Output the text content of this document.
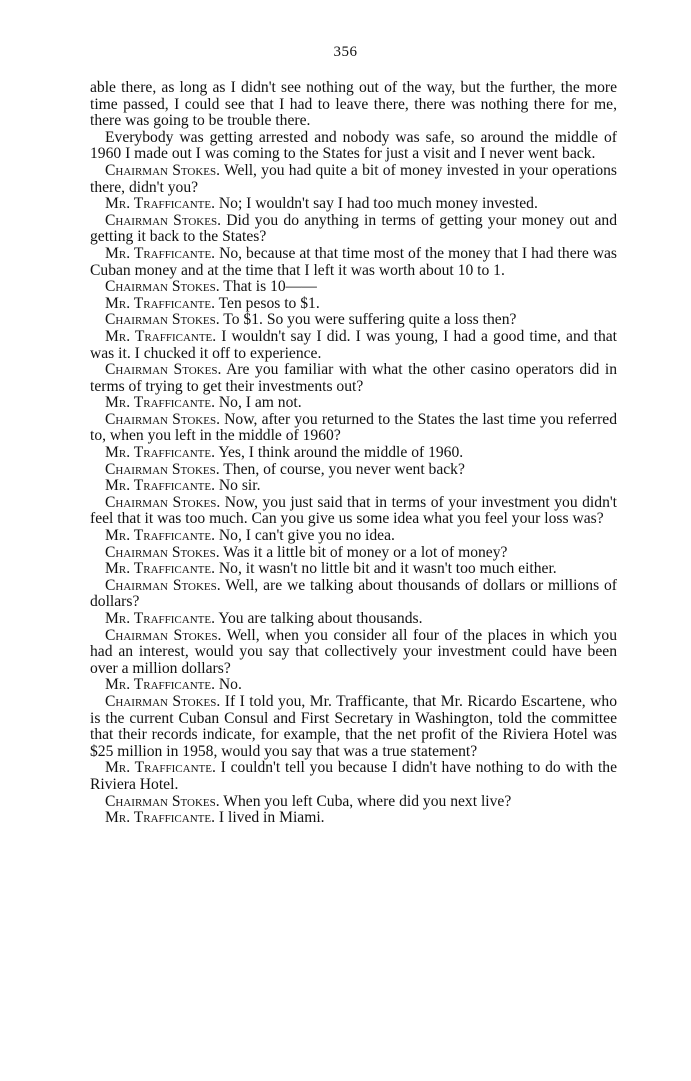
356

able there, as long as I didn't see nothing out of the way, but the further, the more time passed, I could see that I had to leave there, there was nothing there for me, there was going to be trouble there.

Everybody was getting arrested and nobody was safe, so around the middle of 1960 I made out I was coming to the States for just a visit and I never went back.

Chairman Stokes. Well, you had quite a bit of money invested in your operations there, didn't you?

Mr. Trafficante. No; I wouldn't say I had too much money invested.

Chairman Stokes. Did you do anything in terms of getting your money out and getting it back to the States?

Mr. Trafficante. No, because at that time most of the money that I had there was Cuban money and at the time that I left it was worth about 10 to 1.

Chairman Stokes. That is 10——

Mr. Trafficante. Ten pesos to $1.

Chairman Stokes. To $1. So you were suffering quite a loss then?

Mr. Trafficante. I wouldn't say I did. I was young, I had a good time, and that was it. I chucked it off to experience.

Chairman Stokes. Are you familiar with what the other casino operators did in terms of trying to get their investments out?

Mr. Trafficante. No, I am not.

Chairman Stokes. Now, after you returned to the States the last time you referred to, when you left in the middle of 1960?

Mr. Trafficante. Yes, I think around the middle of 1960.

Chairman Stokes. Then, of course, you never went back?

Mr. Trafficante. No sir.

Chairman Stokes. Now, you just said that in terms of your investment you didn't feel that it was too much. Can you give us some idea what you feel your loss was?

Mr. Trafficante. No, I can't give you no idea.

Chairman Stokes. Was it a little bit of money or a lot of money?

Mr. Trafficante. No, it wasn't no little bit and it wasn't too much either.

Chairman Stokes. Well, are we talking about thousands of dollars or millions of dollars?

Mr. Trafficante. You are talking about thousands.

Chairman Stokes. Well, when you consider all four of the places in which you had an interest, would you say that collectively your investment could have been over a million dollars?

Mr. Trafficante. No.

Chairman Stokes. If I told you, Mr. Trafficante, that Mr. Ricardo Escartene, who is the current Cuban Consul and First Secretary in Washington, told the committee that their records indicate, for example, that the net profit of the Riviera Hotel was $25 million in 1958, would you say that was a true statement?

Mr. Trafficante. I couldn't tell you because I didn't have nothing to do with the Riviera Hotel.

Chairman Stokes. When you left Cuba, where did you next live?

Mr. Trafficante. I lived in Miami.
